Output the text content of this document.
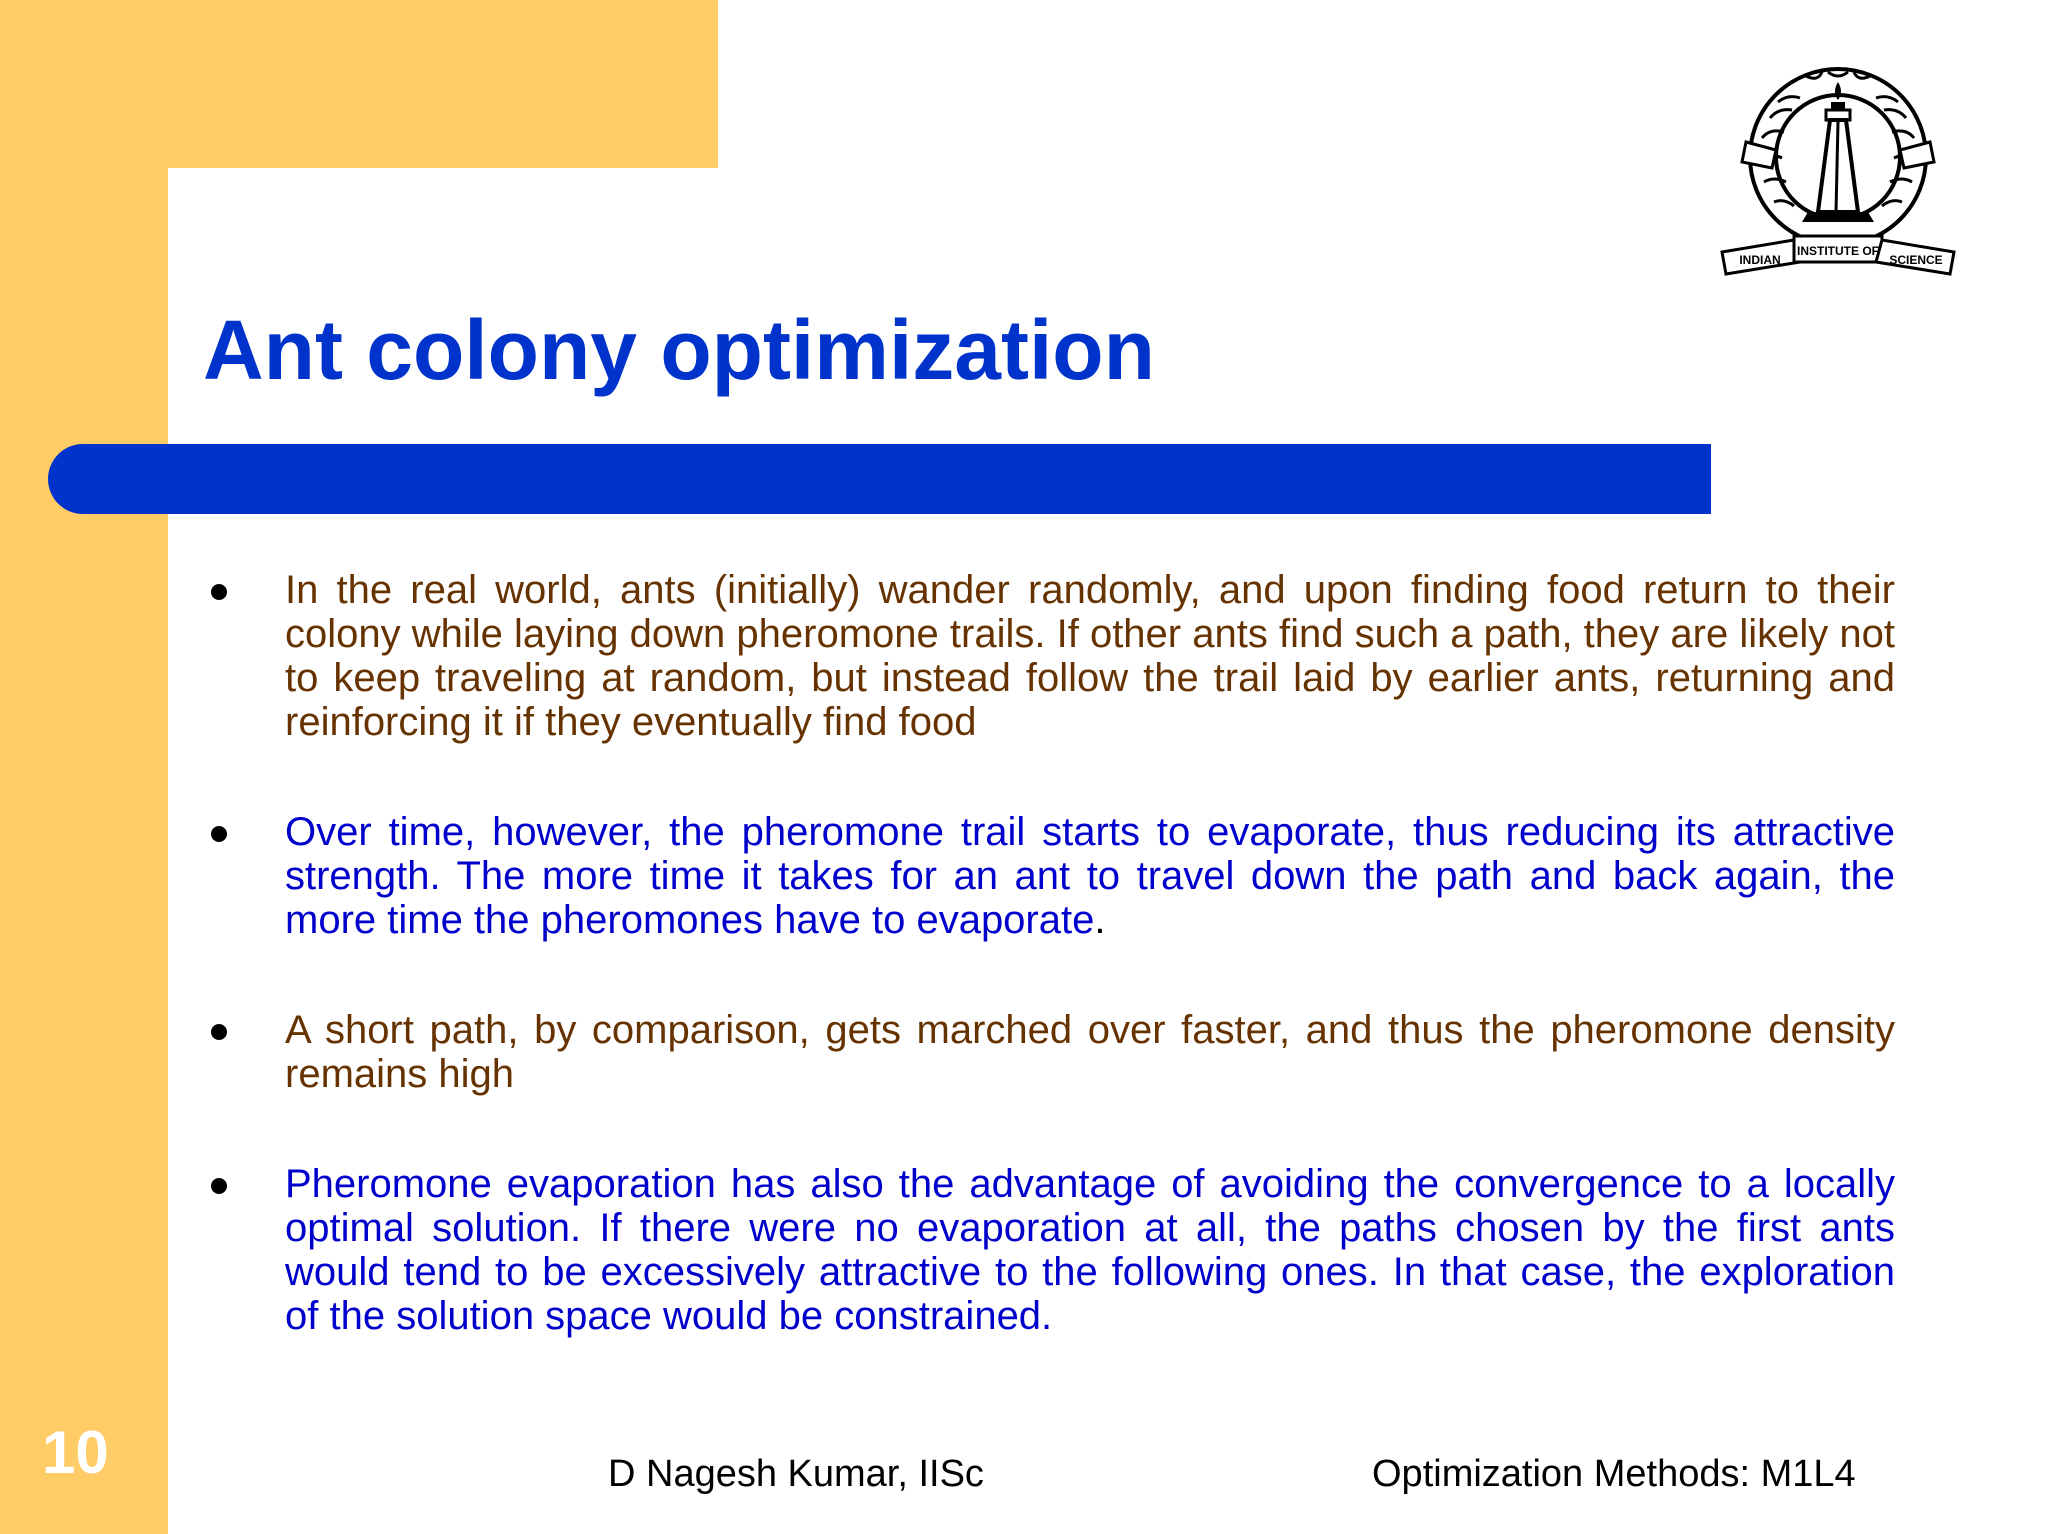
INDIAN
INSTITUTE OF
SCIENCE
Ant colony optimization
In the real world, ants (initially) wander randomly, and upon finding food return to their colony while laying down pheromone trails. If other ants find such a path, they are likely not to keep traveling at random, but instead follow the trail laid by earlier ants, returning and reinforcing it if they eventually find food
Over time, however, the pheromone trail starts to evaporate, thus reducing its attractive strength. The more time it takes for an ant to travel down the path and back again, the more time the pheromones have to evaporate.
A short path, by comparison, gets marched over faster, and thus the pheromone density remains high
Pheromone evaporation has also the advantage of avoiding the convergence to a locally optimal solution. If there were no evaporation at all, the paths chosen by the first ants would tend to be excessively attractive to the following ones. In that case, the exploration of the solution space would be constrained.
10	D Nagesh Kumar, IISc	Optimization Methods: M1L4
